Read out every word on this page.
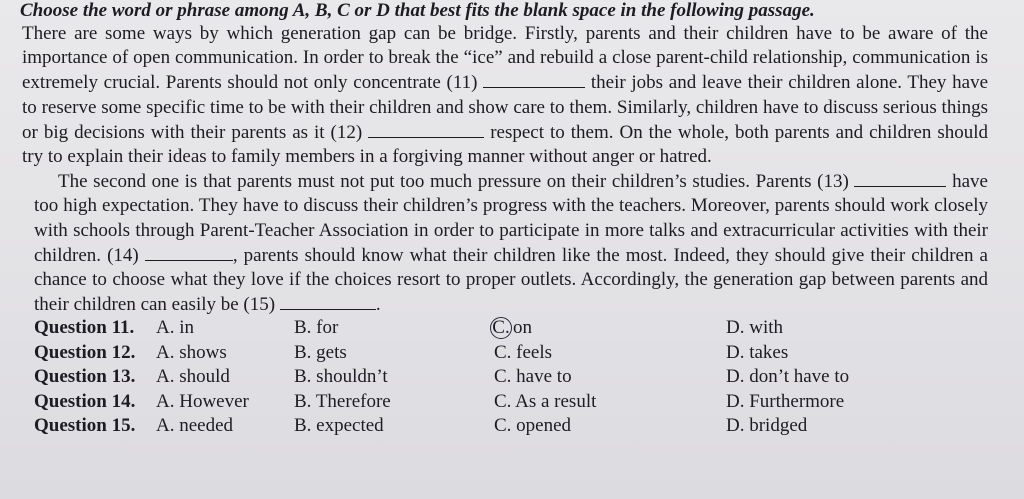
Choose the word or phrase among A, B, C or D that best fits the blank space in the following passage.

There are some ways by which generation gap can be bridge. Firstly, parents and their children have to be aware of the importance of open communication. In order to break the “ice” and rebuild a close parent-child relationship, communication is extremely crucial. Parents should not only concentrate (11)	their jobs and leave their children alone. They have to reserve some specific time to be with their children and show care to them. Similarly, children have to discuss serious things or big decisions with their parents as it (12)	respect to them. On the whole, both parents and children should try to explain their ideas to family members in a forgiving manner without anger or hatred.

The second one is that parents must not put too much pressure on their children’s studies. Parents (13)	have too high expectation. They have to discuss their children’s progress with the teachers. Moreover, parents should work closely with schools through Parent-Teacher Association in order to participate in more talks and extracurricular activities with their children. (14)	, parents should know what their children like the most. Indeed, they should give their children a chance to choose what they love if the choices resort to proper outlets. Accordingly, the generation gap between parents and their children can easily be (15)	.

Question 11.	A. in	B. for	C. on	D. with
Question 12.	A. shows	B. gets	C. feels	D. takes
Question 13.	A. should	B. shouldn’t	C. have to	D. don’t have to
Question 14.	A. However	B. Therefore	C. As a result	D. Furthermore
Question 15.	A. needed	B. expected	C. opened	D. bridged
